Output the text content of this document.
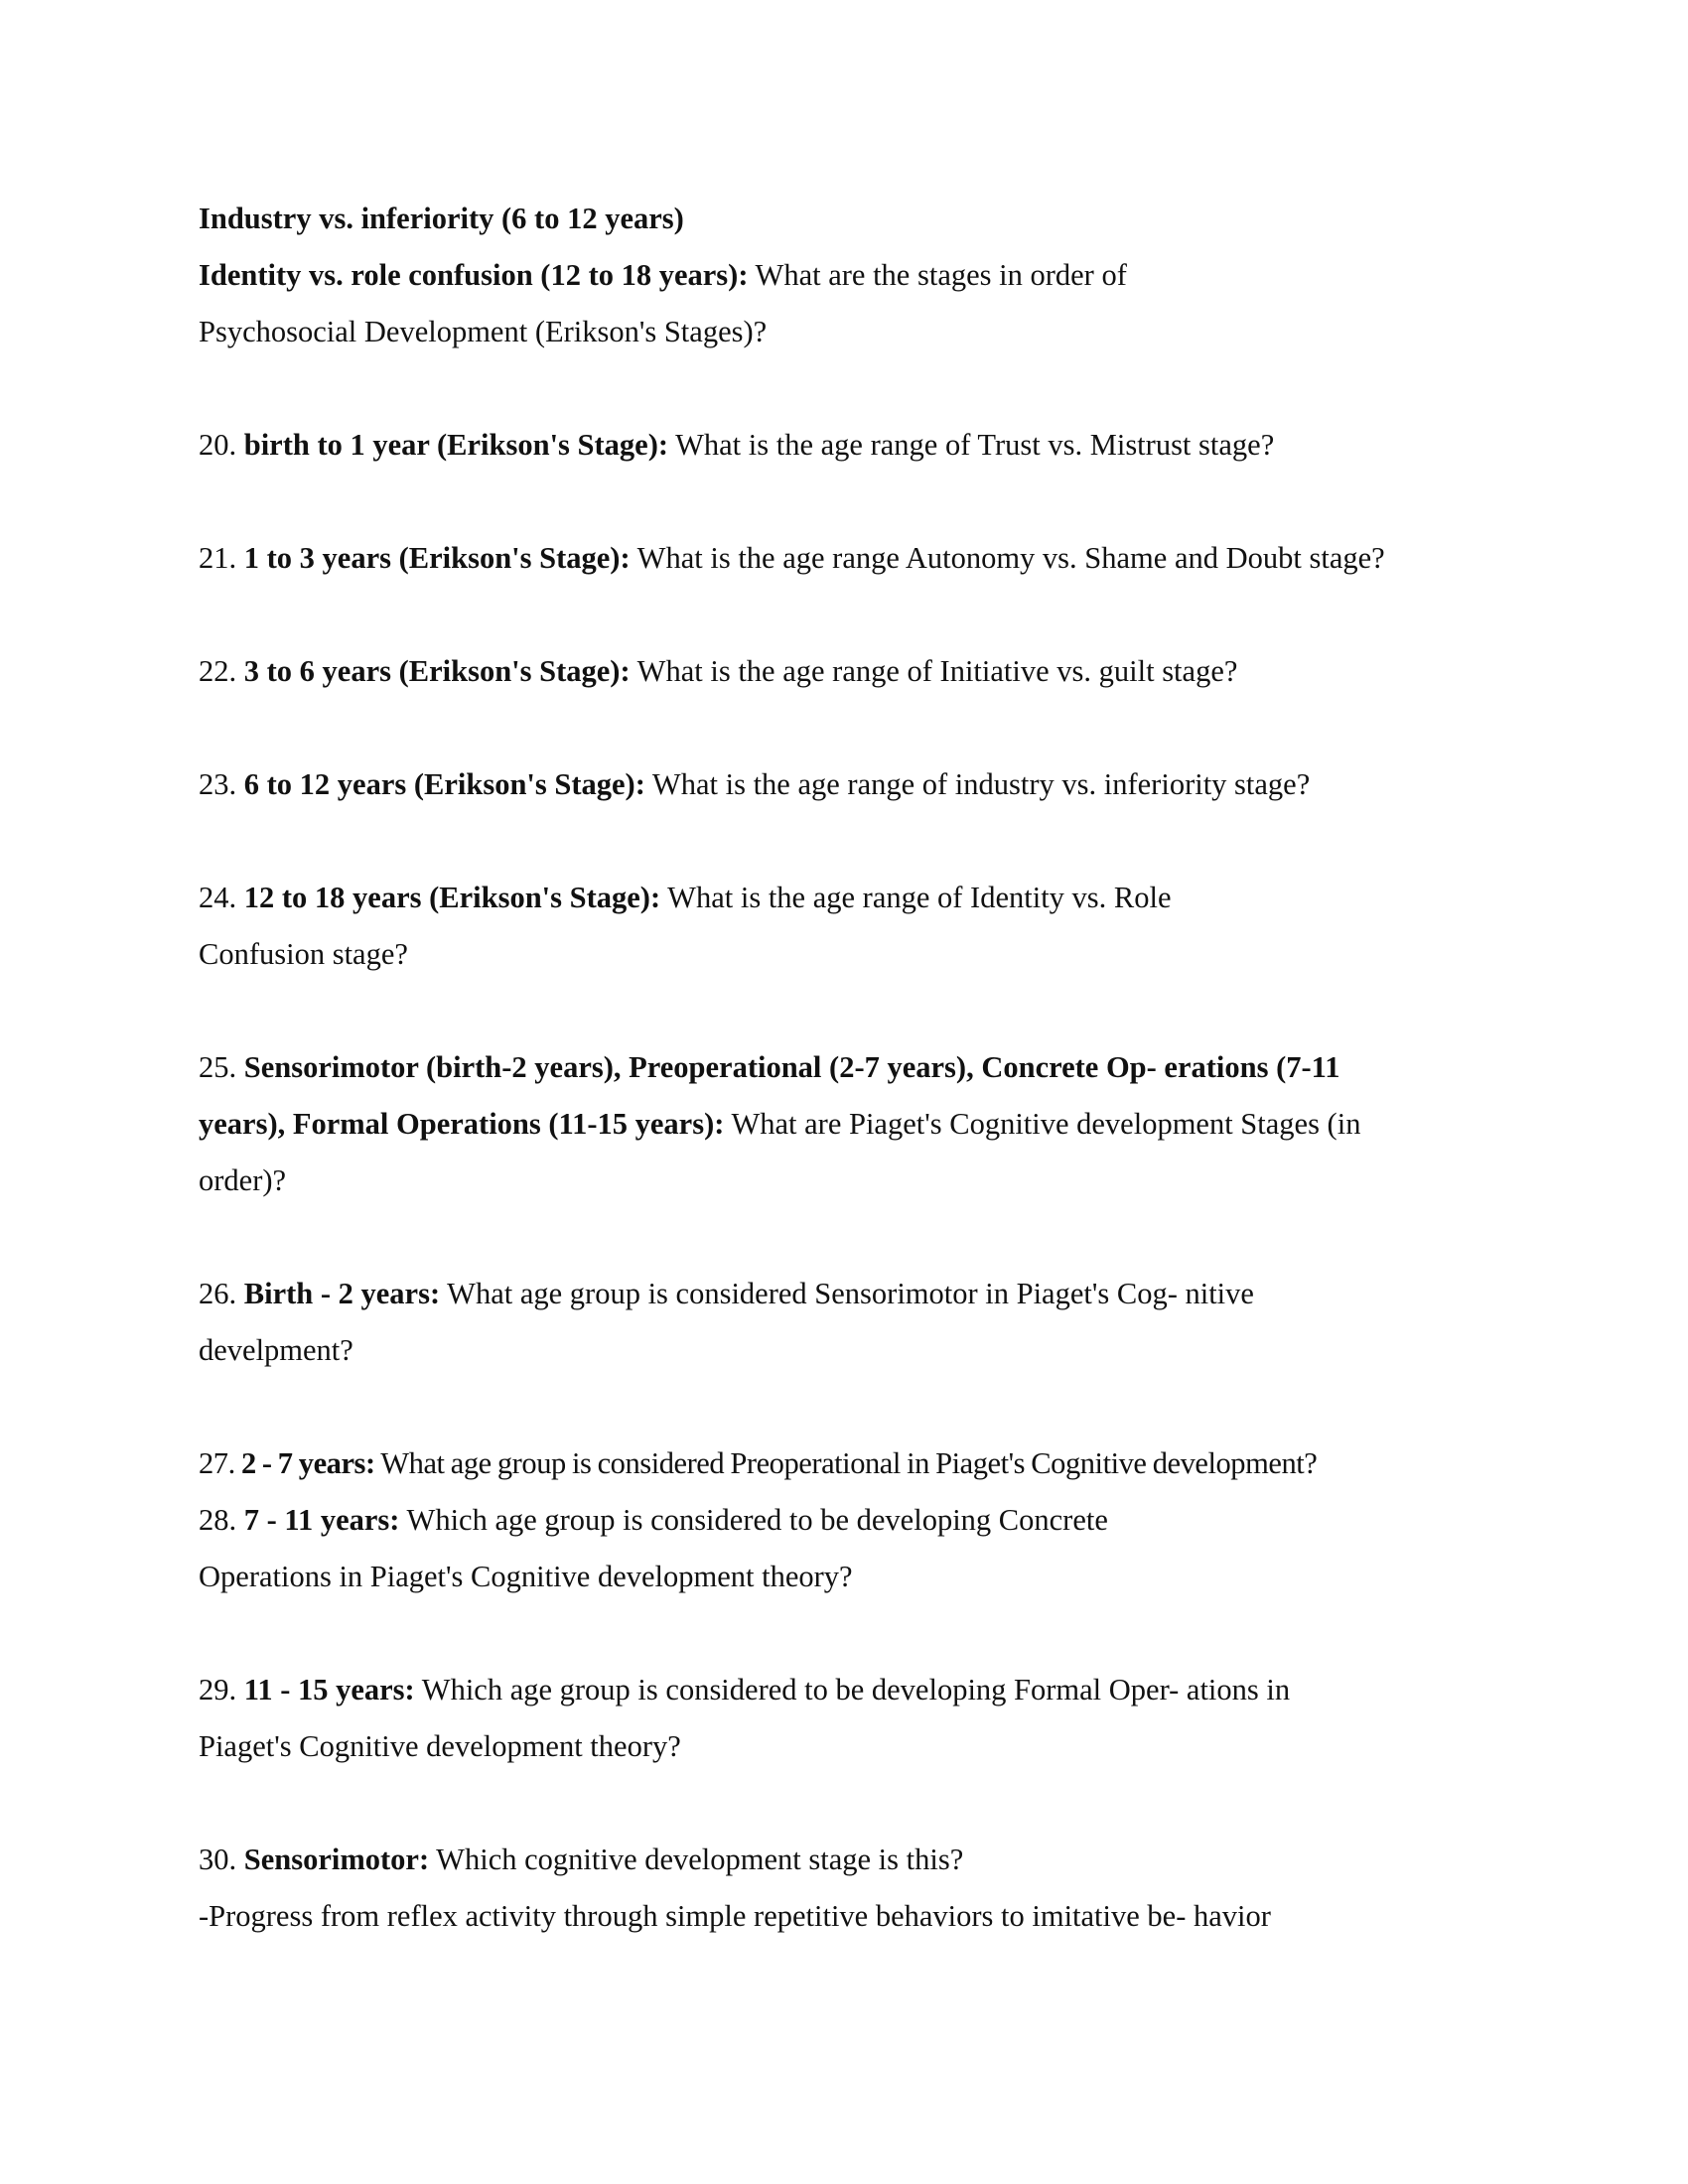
Industry vs. inferiority (6 to 12 years)
Identity vs. role confusion (12 to 18 years): What are the stages in order of
Psychosocial Development (Erikson's Stages)?
20. birth to 1 year (Erikson's Stage): What is the age range of Trust vs. Mistrust stage?
21. 1 to 3 years (Erikson's Stage): What is the age range Autonomy vs. Shame and Doubt stage?
22. 3 to 6 years (Erikson's Stage): What is the age range of Initiative vs. guilt stage?
23. 6 to 12 years (Erikson's Stage): What is the age range of industry vs. inferiority stage?
24. 12 to 18 years (Erikson's Stage): What is the age range of Identity vs. Role
Confusion stage?
25. Sensorimotor (birth-2 years), Preoperational (2-7 years), Concrete Op- erations (7-11
years), Formal Operations (11-15 years): What are Piaget's Cognitive development Stages (in
order)?
26. Birth - 2 years: What age group is considered Sensorimotor in Piaget's Cog- nitive
develpment?
27. 2 - 7 years: What age group is considered Preoperational in Piaget's Cognitive development?
28. 7 - 11 years: Which age group is considered to be developing Concrete
Operations in Piaget's Cognitive development theory?
29. 11 - 15 years: Which age group is considered to be developing Formal Oper- ations in
Piaget's Cognitive development theory?
30. Sensorimotor: Which cognitive development stage is this?
-Progress from reflex activity through simple repetitive behaviors to imitative be- havior
